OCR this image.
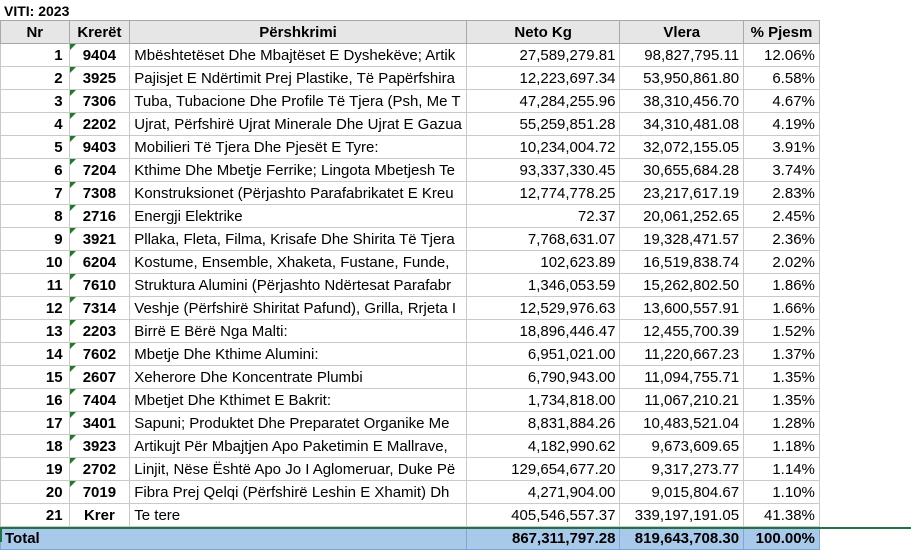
VITI: 2023
Nr	Krerët	Përshkrimi	Neto Kg	Vlera	% Pjesm	
1	9404	Mbështetëset Dhe Mbajtëset E Dyshekëve; Artik	27,589,279.81	98,827,795.11	12.06%	
2	3925	Pajisjet E Ndërtimit Prej Plastike, Të Papërfshira	12,223,697.34	53,950,861.80	6.58%	
3	7306	Tuba, Tubacione Dhe Profile Të Tjera (Psh, Me T	47,284,255.96	38,310,456.70	4.67%	
4	2202	Ujrat, Përfshirë Ujrat Minerale Dhe Ujrat E Gazua	55,259,851.28	34,310,481.08	4.19%	
5	9403	Mobilieri Të Tjera Dhe Pjesët E Tyre:	10,234,004.72	32,072,155.05	3.91%	
6	7204	Kthime Dhe Mbetje Ferrike; Lingota Mbetjesh Te	93,337,330.45	30,655,684.28	3.74%	
7	7308	Konstruksionet (Përjashto Parafabrikatet E Kreu	12,774,778.25	23,217,617.19	2.83%	
8	2716	Energji Elektrike	72.37	20,061,252.65	2.45%	
9	3921	Pllaka, Fleta, Filma, Krisafe Dhe Shirita Të Tjera	7,768,631.07	19,328,471.57	2.36%	
10	6204	Kostume, Ensemble, Xhaketa, Fustane, Funde,	102,623.89	16,519,838.74	2.02%	
11	7610	Struktura Alumini (Përjashto Ndërtesat Parafabr	1,346,053.59	15,262,802.50	1.86%	
12	7314	Veshje (Përfshirë Shiritat Pafund), Grilla, Rrjeta I	12,529,976.63	13,600,557.91	1.66%	
13	2203	Birrë E Bërë Nga Malti:	18,896,446.47	12,455,700.39	1.52%	
14	7602	Mbetje Dhe Kthime Alumini:	6,951,021.00	11,220,667.23	1.37%	
15	2607	Xeherore Dhe Koncentrate Plumbi	6,790,943.00	11,094,755.71	1.35%	
16	7404	Mbetjet Dhe Kthimet E Bakrit:	1,734,818.00	11,067,210.21	1.35%	
17	3401	Sapuni; Produktet Dhe Preparatet Organike Me	8,831,884.26	10,483,521.04	1.28%	
18	3923	Artikujt Për Mbajtjen Apo Paketimin E Mallrave,	4,182,990.62	9,673,609.65	1.18%	
19	2702	Linjit, Nëse Është Apo Jo I Aglomeruar, Duke Pë	129,654,677.20	9,317,273.77	1.14%	
20	7019	Fibra Prej Qelqi (Përfshirë Leshin E Xhamit) Dh	4,271,904.00	9,015,804.67	1.10%	
21	Krer	Te tere	405,546,557.37	339,197,191.05	41.38%	
Total			867,311,797.28	819,643,708.30	100.00%	
